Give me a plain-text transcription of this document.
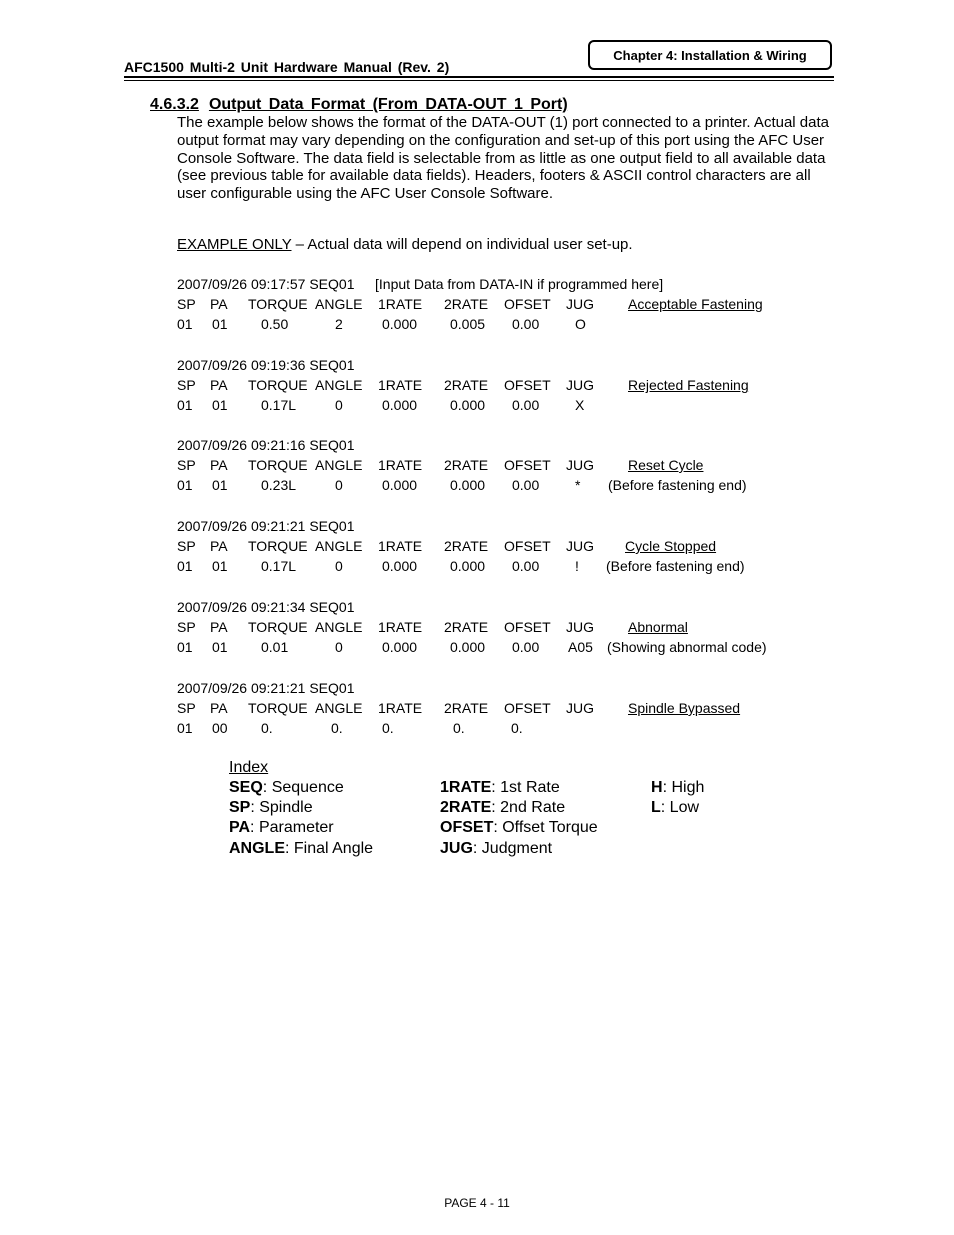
AFC1500 Multi-2 Unit Hardware Manual (Rev. 2)
Chapter 4: Installation & Wiring
4.6.3.2 Output Data Format (From DATA-OUT 1 Port)
The example below shows the format of the DATA-OUT (1) port connected to a printer. Actual data output format may vary depending on the configuration and set-up of this port using the AFC User Console Software. The data field is selectable from as little as one output field to all available data (see previous table for available data fields). Headers, footers & ASCII control characters are all user configurable using the AFC User Console Software.
EXAMPLE ONLY – Actual data will depend on individual user set-up.
2007/09/26 09:17:57 SEQ01 [Input Data from DATA-IN if programmed here]
SP PA TORQUE ANGLE 1RATE 2RATE OFSET JUG Acceptable Fastening
01 01 0.50	2	0.000 0.005 0.00	O
2007/09/26 09:19:36 SEQ01
SP PA TORQUE ANGLE 1RATE 2RATE OFSET JUG Rejected Fastening
01 01 0.17L	0	0.000 0.000 0.00	X
2007/09/26 09:21:16 SEQ01
SP PA TORQUE ANGLE 1RATE 2RATE OFSET JUG Reset Cycle
01 01 0.23L	0	0.000 0.000 0.00	* (Before fastening end)
2007/09/26 09:21:21 SEQ01
SP PA TORQUE ANGLE 1RATE 2RATE OFSET JUG Cycle Stopped
01 01 0.17L	0	0.000 0.000 0.00	! (Before fastening end)
2007/09/26 09:21:34 SEQ01
SP PA TORQUE ANGLE 1RATE 2RATE OFSET JUG Abnormal
01 01 0.01	0	0.000 0.000 0.00 A05 (Showing abnormal code)
2007/09/26 09:21:21 SEQ01
SP PA TORQUE ANGLE 1RATE 2RATE OFSET JUG Spindle Bypassed
01 00 0.	0.	0.	0.	0.
Index
SEQ: Sequence
SP: Spindle
PA: Parameter
ANGLE: Final Angle
1RATE: 1st Rate
2RATE: 2nd Rate
OFSET: Offset Torque
JUG: Judgment
H: High
L: Low
PAGE 4 - 11
